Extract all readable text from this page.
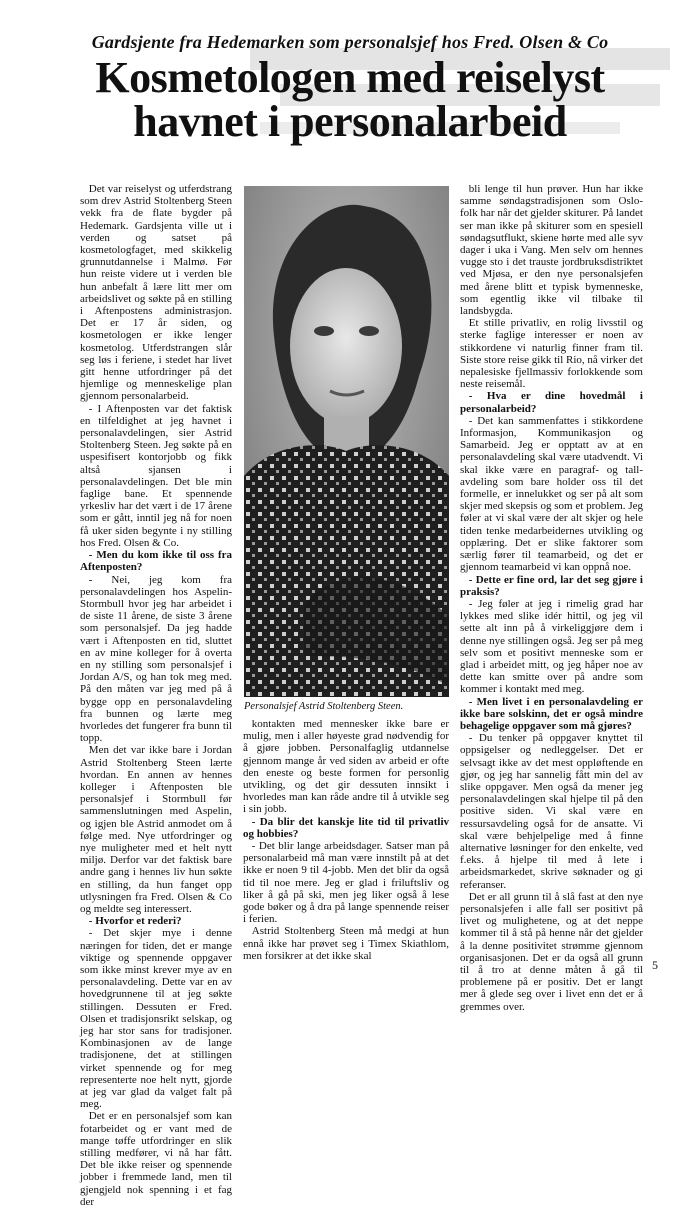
Gardsjente fra Hedemarken som personalsjef hos Fred. Olsen & Co
Kosmetologen med reiselyst
havnet i personalarbeid

Det var reiselyst og utferdstrang som drev Astrid Stoltenberg Steen vekk fra de flate bygder på Hedemark. Gardsjenta ville ut i verden og satset på kosmetologfaget, med skikkelig grunnutdannelse i Malmø. Før hun reiste videre ut i verden ble hun anbefalt å lære litt mer om arbeidslivet og søkte på en stilling i Aftenpostens administrasjon. Det er 17 år siden, og kosmetologen er ikke lenger kosmetolog. Utferdstrangen slår seg løs i feriene, i stedet har livet gitt henne utfordringer på det hjemlige og menneskelige plan gjennom personalarbeid.

- I Aftenposten var det faktisk en tilfeldighet at jeg havnet i personalavdelingen, sier Astrid Stoltenberg Steen. Jeg søkte på en uspesifisert kontorjobb og fikk altså sjansen i personalavdelingen. Det ble min faglige bane. Et spennende yrkesliv har det vært i de 17 årene som er gått, inntil jeg nå for noen få uker siden begynte i ny stilling hos Fred. Olsen & Co.

- Men du kom ikke til oss fra Aftenposten?

- Nei, jeg kom fra personalavdelingen hos Aspelin-Stormbull hvor jeg har arbeidet i de siste 11 årene, de siste 3 årene som personalsjef. Da jeg hadde vært i Aftenposten en tid, sluttet en av mine kolleger for å overta en ny stilling som personalsjef i Jordan A/S, og han tok meg med. På den måten var jeg med på å bygge opp en personalavdeling fra bunnen og lærte meg hvorledes det fungerer fra bunn til topp.

Men det var ikke bare i Jordan Astrid Stoltenberg Steen lærte hvordan. En annen av hennes kolleger i Aftenposten ble personalsjef i Stormbull før sammenslutningen med Aspelin, og igjen ble Astrid anmodet om å følge med. Nye utfordringer og nye muligheter med et helt nytt miljø. Derfor var det faktisk bare andre gang i hennes liv hun søkte en stilling, da hun fanget opp utlysningen fra Fred. Olsen & Co og meldte seg interessert.

- Hvorfor et rederi?

- Det skjer mye i denne næringen for tiden, det er mange viktige og spennende oppgaver som ikke minst krever mye av en personalavdeling. Dette var en av hovedgrunnene til at jeg søkte stillingen. Dessuten er Fred. Olsen et tradisjonsrikt selskap, og jeg har stor sans for tradisjoner. Kombinasjonen av de lange tradisjonene, det at stillingen virket spennende og for meg representerte noe helt nytt, gjorde at jeg var glad da valget falt på meg.

Det er en personalsjef som kan fotarbeidet og er vant med de mange tøffe utfordringer en slik stilling medfører, vi nå har fått. Det ble ikke reiser og spennende jobber i fremmede land, men til gjengjeld nok spenning i et fag der

Personalsjef Astrid Stoltenberg Steen.

kontakten med mennesker ikke bare er mulig, men i aller høyeste grad nødvendig for å gjøre jobben. Personalfaglig utdannelse gjennom mange år ved siden av arbeid er ofte den eneste og beste formen for personlig utvikling, og det gir dessuten innsikt i hvorledes man kan råde andre til å utvikle seg i sin jobb.

- Da blir det kanskje lite tid til privatliv og hobbies?

- Det blir lange arbeidsdager. Satser man på personalarbeid må man være innstilt på at det ikke er noen 9 til 4-jobb. Men det blir da også tid til noe mere. Jeg er glad i friluftsliv og liker å gå på ski, men jeg liker også å lese gode bøker og å dra på lange spennende reiser i ferien.

Astrid Stoltenberg Steen må medgi at hun ennå ikke har prøvet seg i Timex Skiathlom, men forsikrer at det ikke skal

bli lenge til hun prøver. Hun har ikke samme søndagstradisjonen som Oslo-folk har når det gjelder skiturer. På landet ser man ikke på skiturer som en spesiell søndagsutflukt, skiene hørte med alle syv dager i uka i Vang. Men selv om hennes vugge sto i det trauste jordbruksdistriktet ved Mjøsa, er den nye personalsjefen med årene blitt et typisk bymenneske, som egentlig ikke vil tilbake til landsbygda.

Et stille privatliv, en rolig livsstil og sterke faglige interesser er noen av stikkordene vi naturlig finner fram til. Siste store reise gikk til Rio, nå virker det nepalesiske fjellmassiv forlokkende som neste reisemål.

- Hva er dine hovedmål i personalarbeid?

- Det kan sammenfattes i stikkordene Informasjon, Kommunikasjon og Samarbeid. Jeg er opptatt av at en personalavdeling skal være utadvendt. Vi skal ikke være en paragraf- og tall-avdeling som bare holder oss til det formelle, er innelukket og ser på alt som skjer med skepsis og som et problem. Jeg føler at vi skal være der alt skjer og hele tiden tenke medarbeidernes utvikling og opplæring. Det er slike faktorer som særlig fører til teamarbeid, og det er gjennom teamarbeid vi kan oppnå noe.

- Dette er fine ord, lar det seg gjøre i praksis?

- Jeg føler at jeg i rimelig grad har lykkes med slike idér hittil, og jeg vil sette alt inn på å virkeliggjøre dem i denne nye stillingen også. Jeg ser på meg selv som et positivt menneske som er glad i arbeidet mitt, og jeg håper noe av dette kan smitte over på andre som kommer i kontakt med meg.

- Men livet i en personalavdeling er ikke bare solskinn, det er også mindre behagelige oppgaver som må gjøres?

- Du tenker på oppgaver knyttet til oppsigelser og nedleggelser. Det er selvsagt ikke av det mest oppløftende en gjør, og jeg har sannelig fått min del av slike oppgaver. Men også da mener jeg personalavdelingen skal hjelpe til på den positive siden. Vi skal være en ressursavdeling også for de ansatte. Vi skal være behjelpelige med å finne alternative løsninger for den enkelte, ved f.eks. å hjelpe til med å lete i arbeidsmarkedet, skrive søknader og gi referanser.

Det er all grunn til å slå fast at den nye personalsjefen i alle fall ser positivt på livet og mulighetene, og at det neppe kommer til å stå på henne når det gjelder å la denne positivitet strømme gjennom organisasjonen. Det er da også all grunn til å tro at denne måten å gå til problemene på er positiv. Det er langt mer å glede seg over i livet enn det er å gremmes over.

5
